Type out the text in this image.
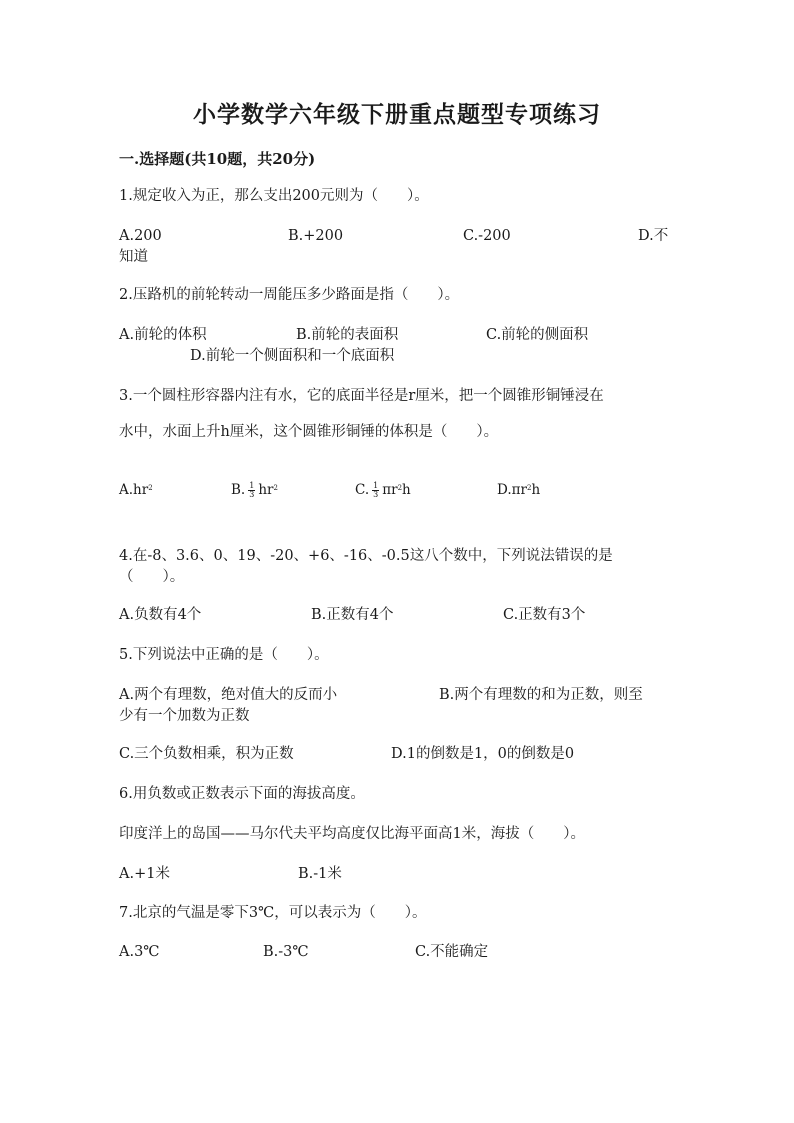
小学数学六年级下册重点题型专项练习
一.选择题(共10题，共20分)
1.规定收入为正，那么支出200元则为（　　）。
A.200	B.+200	C.-200	D.不
知道
2.压路机的前轮转动一周能压多少路面是指（　　）。
A.前轮的体积	B.前轮的表面积	C.前轮的侧面积
D.前轮一个侧面积和一个底面积
3.一个圆柱形容器内注有水，它的底面半径是r厘米，把一个圆锥形铜锤浸在
水中，水面上升h厘米，这个圆锥形铜锤的体积是（　　）。
$A.hr^2$	B. $\frac{1}{3} hr^2$	C. $\frac{1}{3} \pi r^2h$	$D.\pi r^2h$
4.在-8、3.6、0、19、-20、+6、-16、-0.5这八个数中，下列说法错误的是
（　　）。
A.负数有4个	B.正数有4个	C.正数有3个
5.下列说法中正确的是（　　）。
A.两个有理数，绝对值大的反而小	B.两个有理数的和为正数，则至
少有一个加数为正数
C.三个负数相乘，积为正数	D.1的倒数是1，0的倒数是0
6.用负数或正数表示下面的海拔高度。
印度洋上的岛国——马尔代夫平均高度仅比海平面高1米，海拔（　　）。
A.+1米	B.-1米
7.北京的气温是零下3℃，可以表示为（　　）。
A.3℃	B.-3℃	C.不能确定
